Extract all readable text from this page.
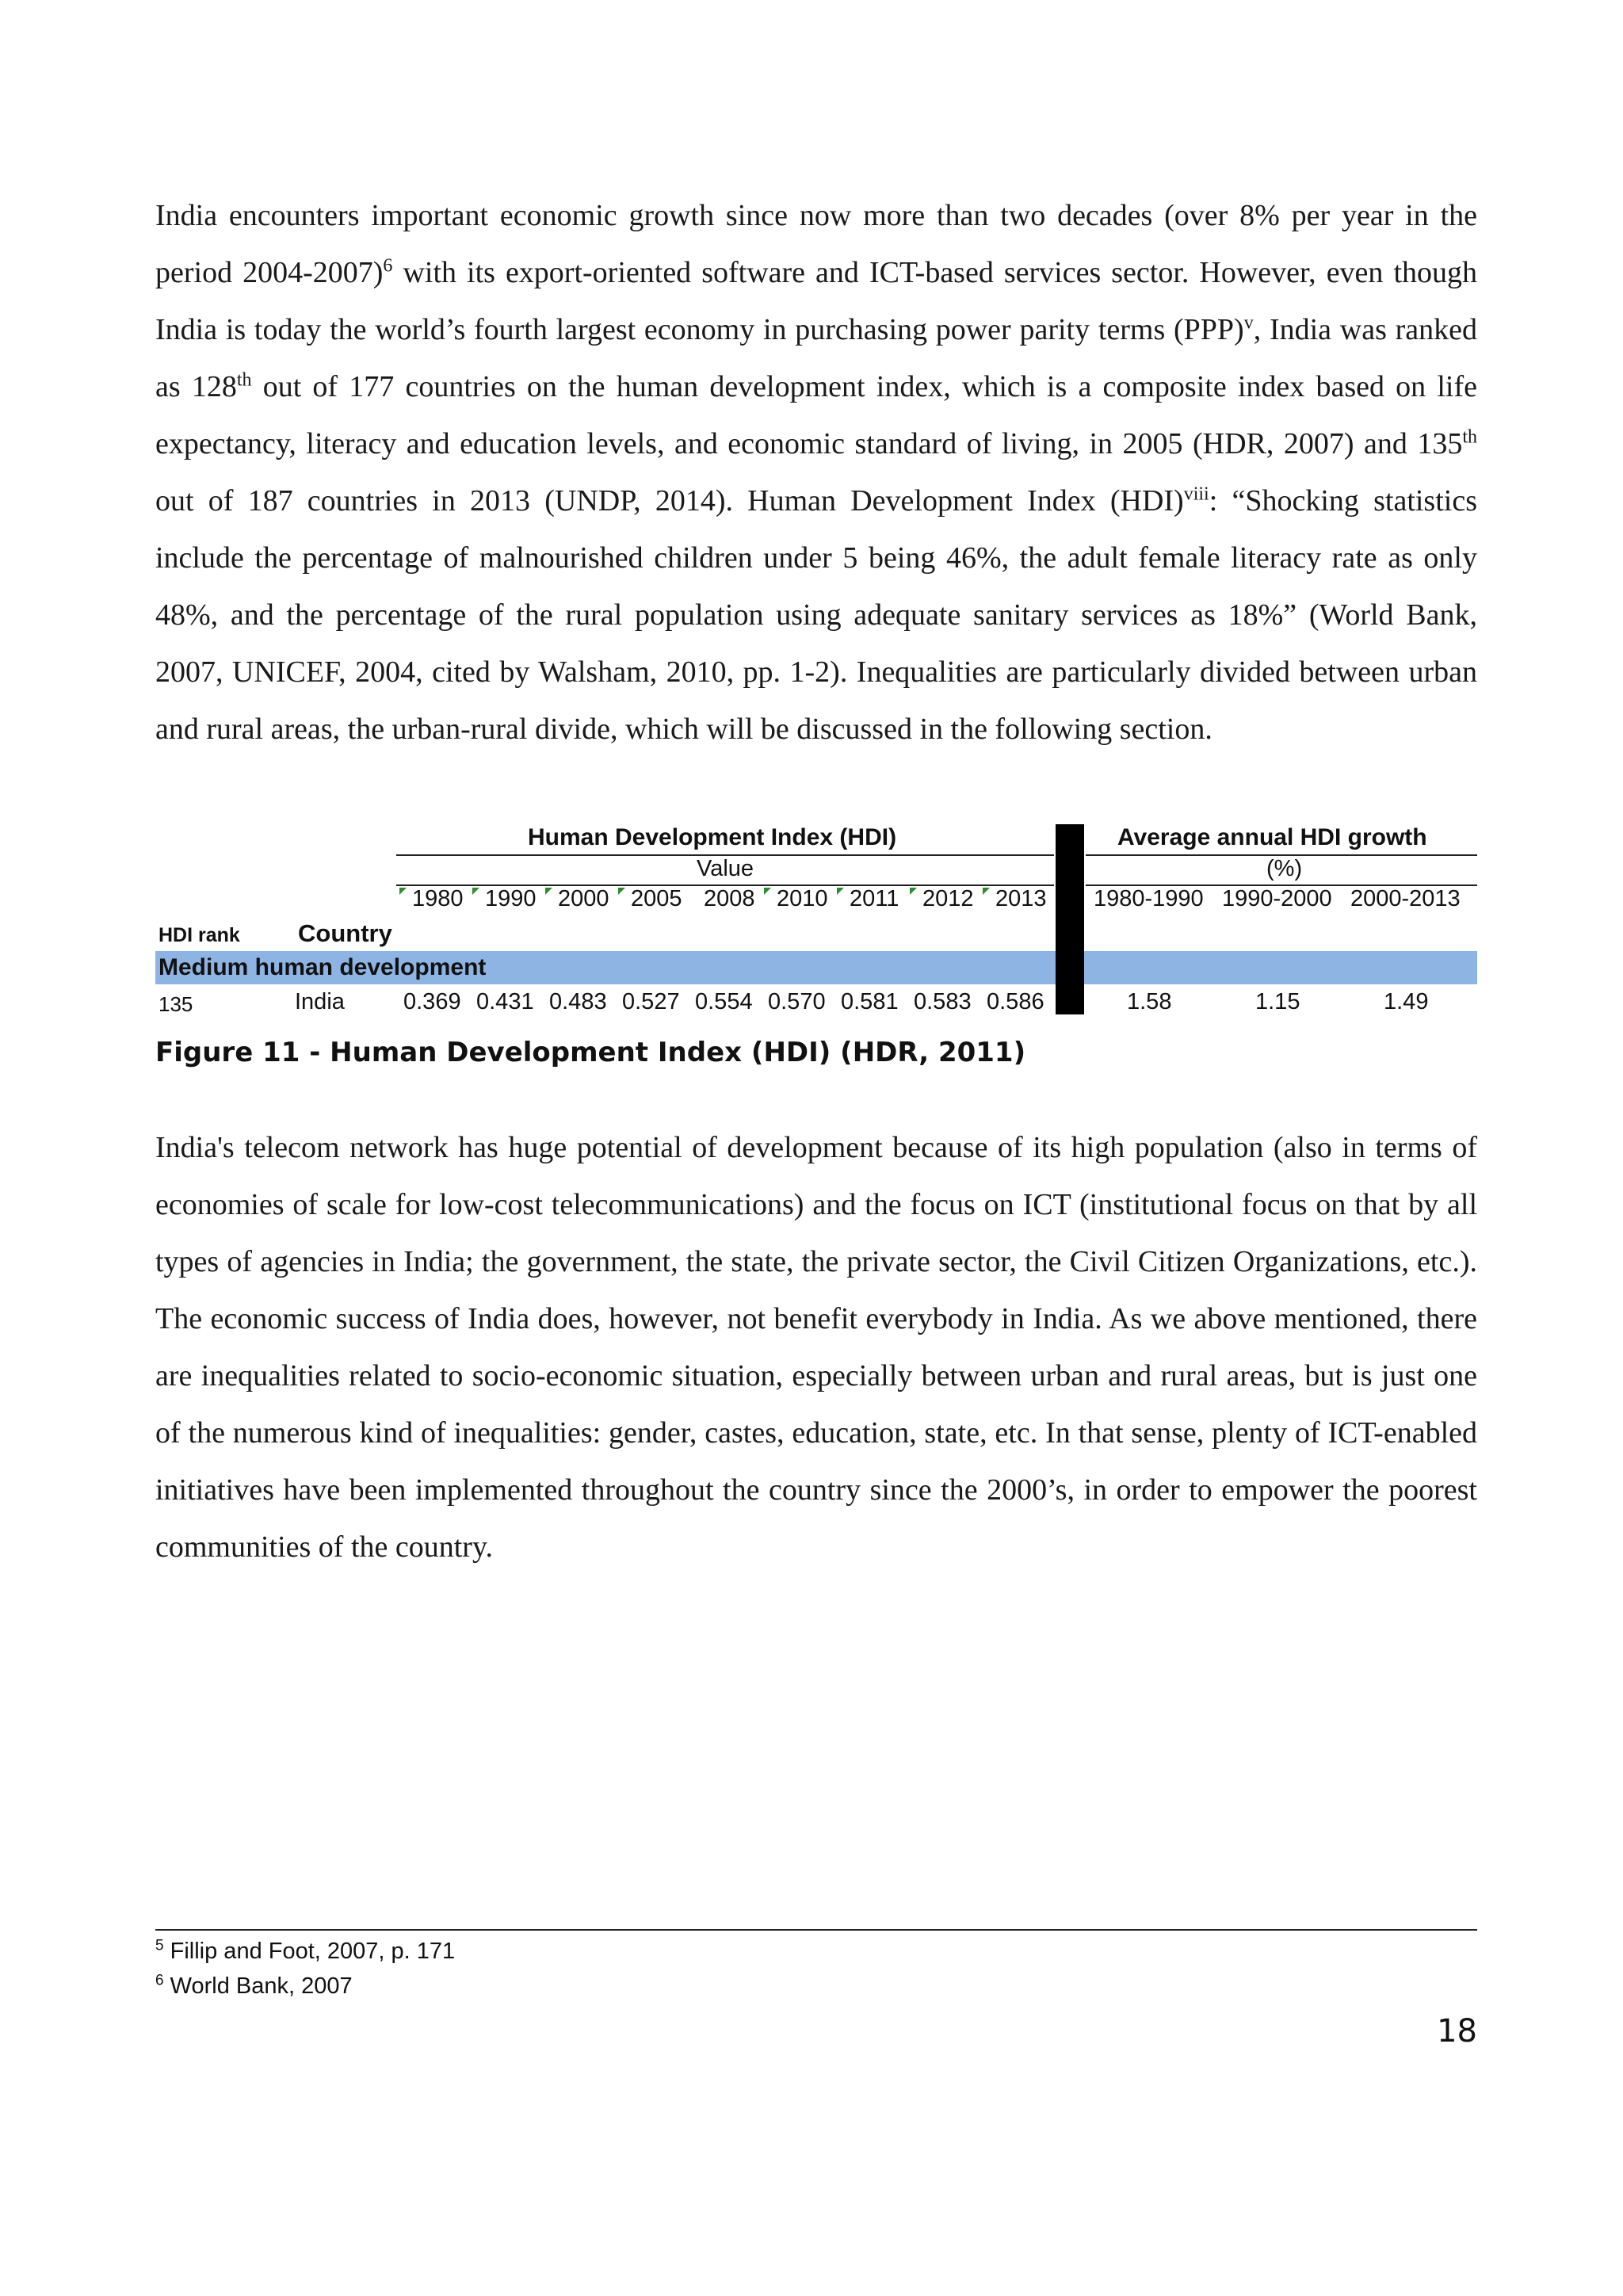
India encounters important economic growth since now more than two decades (over 8% per year in the period 2004-2007)$^6$ with its export-oriented software and ICT-based services sector. However, even though India is today the world’s fourth largest economy in purchasing power parity terms (PPP)$^v$, India was ranked as 128th out of 177 countries on the human development index, which is a composite index based on life expectancy, literacy and education levels, and economic standard of living, in 2005 (HDR, 2007) and 135th out of 187 countries in 2013 (UNDP, 2014). Human Development Index (HDI)$^{viii}$: “Shocking statistics include the percentage of malnourished children under 5 being 46%, the adult female literacy rate as only 48%, and the percentage of the rural population using adequate sanitary services as 18%” (World Bank, 2007, UNICEF, 2004, cited by Walsham, 2010, pp. 1-2). Inequalities are particularly divided between urban and rural areas, the urban-rural divide, which will be discussed in the following section.

Human Development Index (HDI)	Average annual HDI growth
Value	(%)
1980 1990 2000 2005 2008 2010 2011 2012 2013 1980-1990 1990-2000 2000-2013
HDI rank Country
Medium human development
135	India	0.369 0.431 0.483 0.527 0.554 0.570 0.581 0.583 0.586	1.58	1.15	1.49

Figure 11 - Human Development Index (HDI) (HDR, 2011)

India's telecom network has huge potential of development because of its high population (also in terms of economies of scale for low-cost telecommunications) and the focus on ICT (institutional focus on that by all types of agencies in India; the government, the state, the private sector, the Civil Citizen Organizations, etc.). The economic success of India does, however, not benefit everybody in India. As we above mentioned, there are inequalities related to socio-economic situation, especially between urban and rural areas, but is just one of the numerous kind of inequalities: gender, castes, education, state, etc. In that sense, plenty of ICT-enabled initiatives have been implemented throughout the country since the 2000’s, in order to empower the poorest communities of the country.

$^5$ Fillip and Foot, 2007, p. 171
$^6$ World Bank, 2007
18
